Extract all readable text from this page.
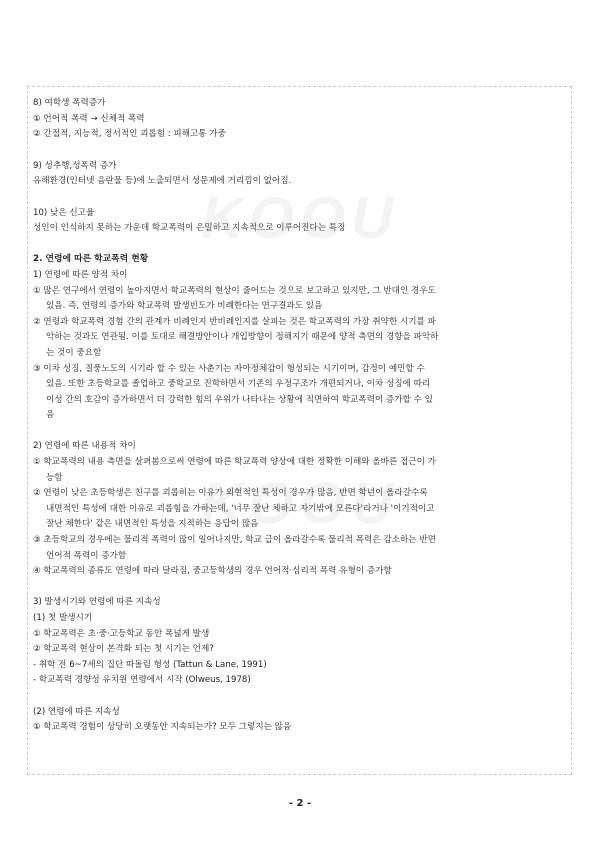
8) 여학생 폭력증가
① 언어적 폭력 → 신체적 폭력
② 간접적, 지능적, 정서적인 괴롭힘 : 피해고통 가중
9) 성추행,성폭력 증가
유해환경(인터넷 음란물 등)에 노출되면서 성문제에 거리낌이 없어짐.
10) 낮은 신고율
성인이 인식하지 못하는 가운데 학교폭력이 은밀하고 지속적으로 이루어진다는 특징
2. 연령에 따른 학교폭력 현황
1) 연령에 따른 양적 차이
① 많은 연구에서 연령이 높아지면서 학교폭력의 현상이 줄어드는 것으로 보고하고 있지만, 그 반대인 경우도
있음. 즉, 연령의 증가와 학교폭력 발생빈도가 비례한다는 연구결과도 있음
② 연령과 학교폭력 경험 간의 관계가 비례인지 반비례인지를 살피는 것은 학교폭력의 가장 취약한 시기를 파
악하는 것과도 연관됨. 이를 토대로 해결방안이나 개입방향이 정해지기 때문에 양적 측면의 경향을 파악하
는 것이 중요함
③ 이차 성징, 질풍노도의 시기라 할 수 있는 사춘기는 자아정체감이 형성되는 시기이며, 감정이 예민할 수
있음. 또한 초등학교를 졸업하고 중학교로 진학하면서 기존의 우정구조가 개편되거나, 이차 성징에 따리
이성 간의 호감이 증가하면서 더 강력한 힘의 우위가 나타나는 상황에 직면하여 학교폭력이 증가할 수 있
음
2) 연령에 따른 내용적 차이
① 학교폭력의 내용 측면을 살펴봄으로써 연령에 따른 학교폭력 양상에 대한 정확한 이해와 올바른 접근이 가
능함
② 연령이 낮은 초등학생은 친구를 괴롭히는 이유가 외현적인 특성이 경우가 많음, 반면 학년이 올라갈수록
내면적인 특성에 대한 이유로 괴롭힘을 가하는데, '너무 잘난 체하고 자기밖에 모른다'라거나 '이기적이고
잘난 체한다' 같은 내면적인 특성을 지적하는 응답이 많음
③ 초등학교의 경우에는 물리적 폭력이 많이 일어나지만, 학교 급이 올라갈수록 물리적 폭력은 감소하는 반면
언어적 폭력이 증가함
④ 학교폭력의 종류도 연령에 따라 달라짐, 중고등학생의 경우 언어적·심리적 폭력 유형이 증가함
3) 발생시기와 연령에 따른 지속성
(1) 첫 발생시기
① 학교폭력은 초·중·고등학교 동안 폭넓게 발생
② 학교폭력 현상이 본격화 되는 첫 시기는 언제?
- 취학 전 6~7세의 집단 따돌림 형성 (Tattun & Lane, 1991)
- 학교폭력 경향성 유치원 연령에서 시작 (Olweus, 1978)
(2) 연령에 따른 지속성
① 학교폭력 경험이 상당히 오랫동안 지속되는가? 모두 그렇지는 않음
- 2 -
